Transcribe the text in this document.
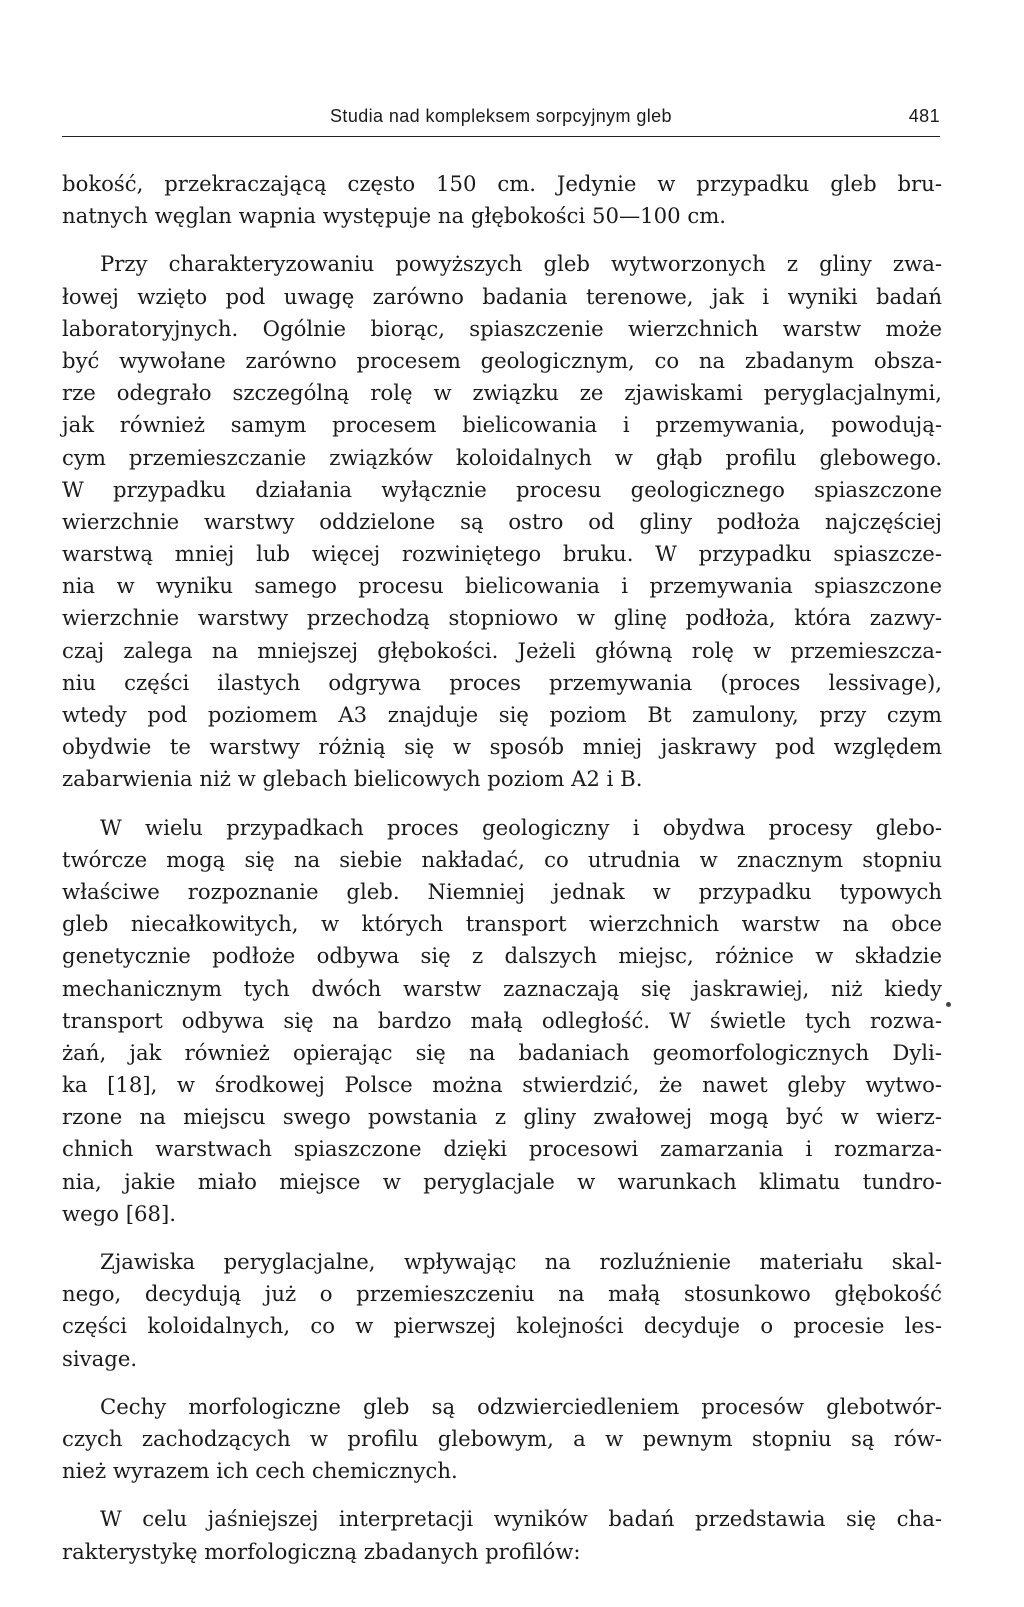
Studia nad kompleksem sorpcyjnym gleb	481
bokość, przekraczającą często 150 cm. Jedynie w przypadku gleb bru-
natnych węglan wapnia występuje na głębokości 50—100 cm.
Przy charakteryzowaniu powyższych gleb wytworzonych z gliny zwa-
łowej wzięto pod uwagę zarówno badania terenowe, jak i wyniki badań
laboratoryjnych. Ogólnie biorąc, spiaszczenie wierzchnich warstw może
być wywołane zarówno procesem geologicznym, co na zbadanym obsza-
rze odegrało szczególną rolę w związku ze zjawiskami peryglacjalnymi,
jak również samym procesem bielicowania i przemywania, powodują-
cym przemieszczanie związków koloidalnych w głąb profilu glebowego.
W przypadku działania wyłącznie procesu geologicznego spiaszczone
wierzchnie warstwy oddzielone są ostro od gliny podłoża najczęściej
warstwą mniej lub więcej rozwiniętego bruku. W przypadku spiaszcze-
nia w wyniku samego procesu bielicowania i przemywania spiaszczone
wierzchnie warstwy przechodzą stopniowo w glinę podłoża, która zazwy-
czaj zalega na mniejszej głębokości. Jeżeli główną rolę w przemieszcza-
niu części ilastych odgrywa proces przemywania (proces lessivage),
wtedy pod poziomem A3 znajduje się poziom Bt zamulony, przy czym
obydwie te warstwy różnią się w sposób mniej jaskrawy pod względem
zabarwienia niż w glebach bielicowych poziom A2 i B.
W wielu przypadkach proces geologiczny i obydwa procesy glebo-
twórcze mogą się na siebie nakładać, co utrudnia w znacznym stopniu
właściwe rozpoznanie gleb. Niemniej jednak w przypadku typowych
gleb niecałkowitych, w których transport wierzchnich warstw na obce
genetycznie podłoże odbywa się z dalszych miejsc, różnice w składzie
mechanicznym tych dwóch warstw zaznaczają się jaskrawiej, niż kiedy
transport odbywa się na bardzo małą odległość. W świetle tych rozwa-
żań, jak również opierając się na badaniach geomorfologicznych Dyli-
ka [18], w środkowej Polsce można stwierdzić, że nawet gleby wytwo-
rzone na miejscu swego powstania z gliny zwałowej mogą być w wierz-
chnich warstwach spiaszczone dzięki procesowi zamarzania i rozmarza-
nia, jakie miało miejsce w peryglacjale w warunkach klimatu tundro-
wego [68].
Zjawiska peryglacjalne, wpływając na rozluźnienie materiału skal-
nego, decydują już o przemieszczeniu na małą stosunkowo głębokość
części koloidalnych, co w pierwszej kolejności decyduje o procesie les-
sivage.
Cechy morfologiczne gleb są odzwierciedleniem procesów glebotwór-
czych zachodzących w profilu glebowym, a w pewnym stopniu są rów-
nież wyrazem ich cech chemicznych.
W celu jaśniejszej interpretacji wyników badań przedstawia się cha-
rakterystykę morfologiczną zbadanych profilów:
